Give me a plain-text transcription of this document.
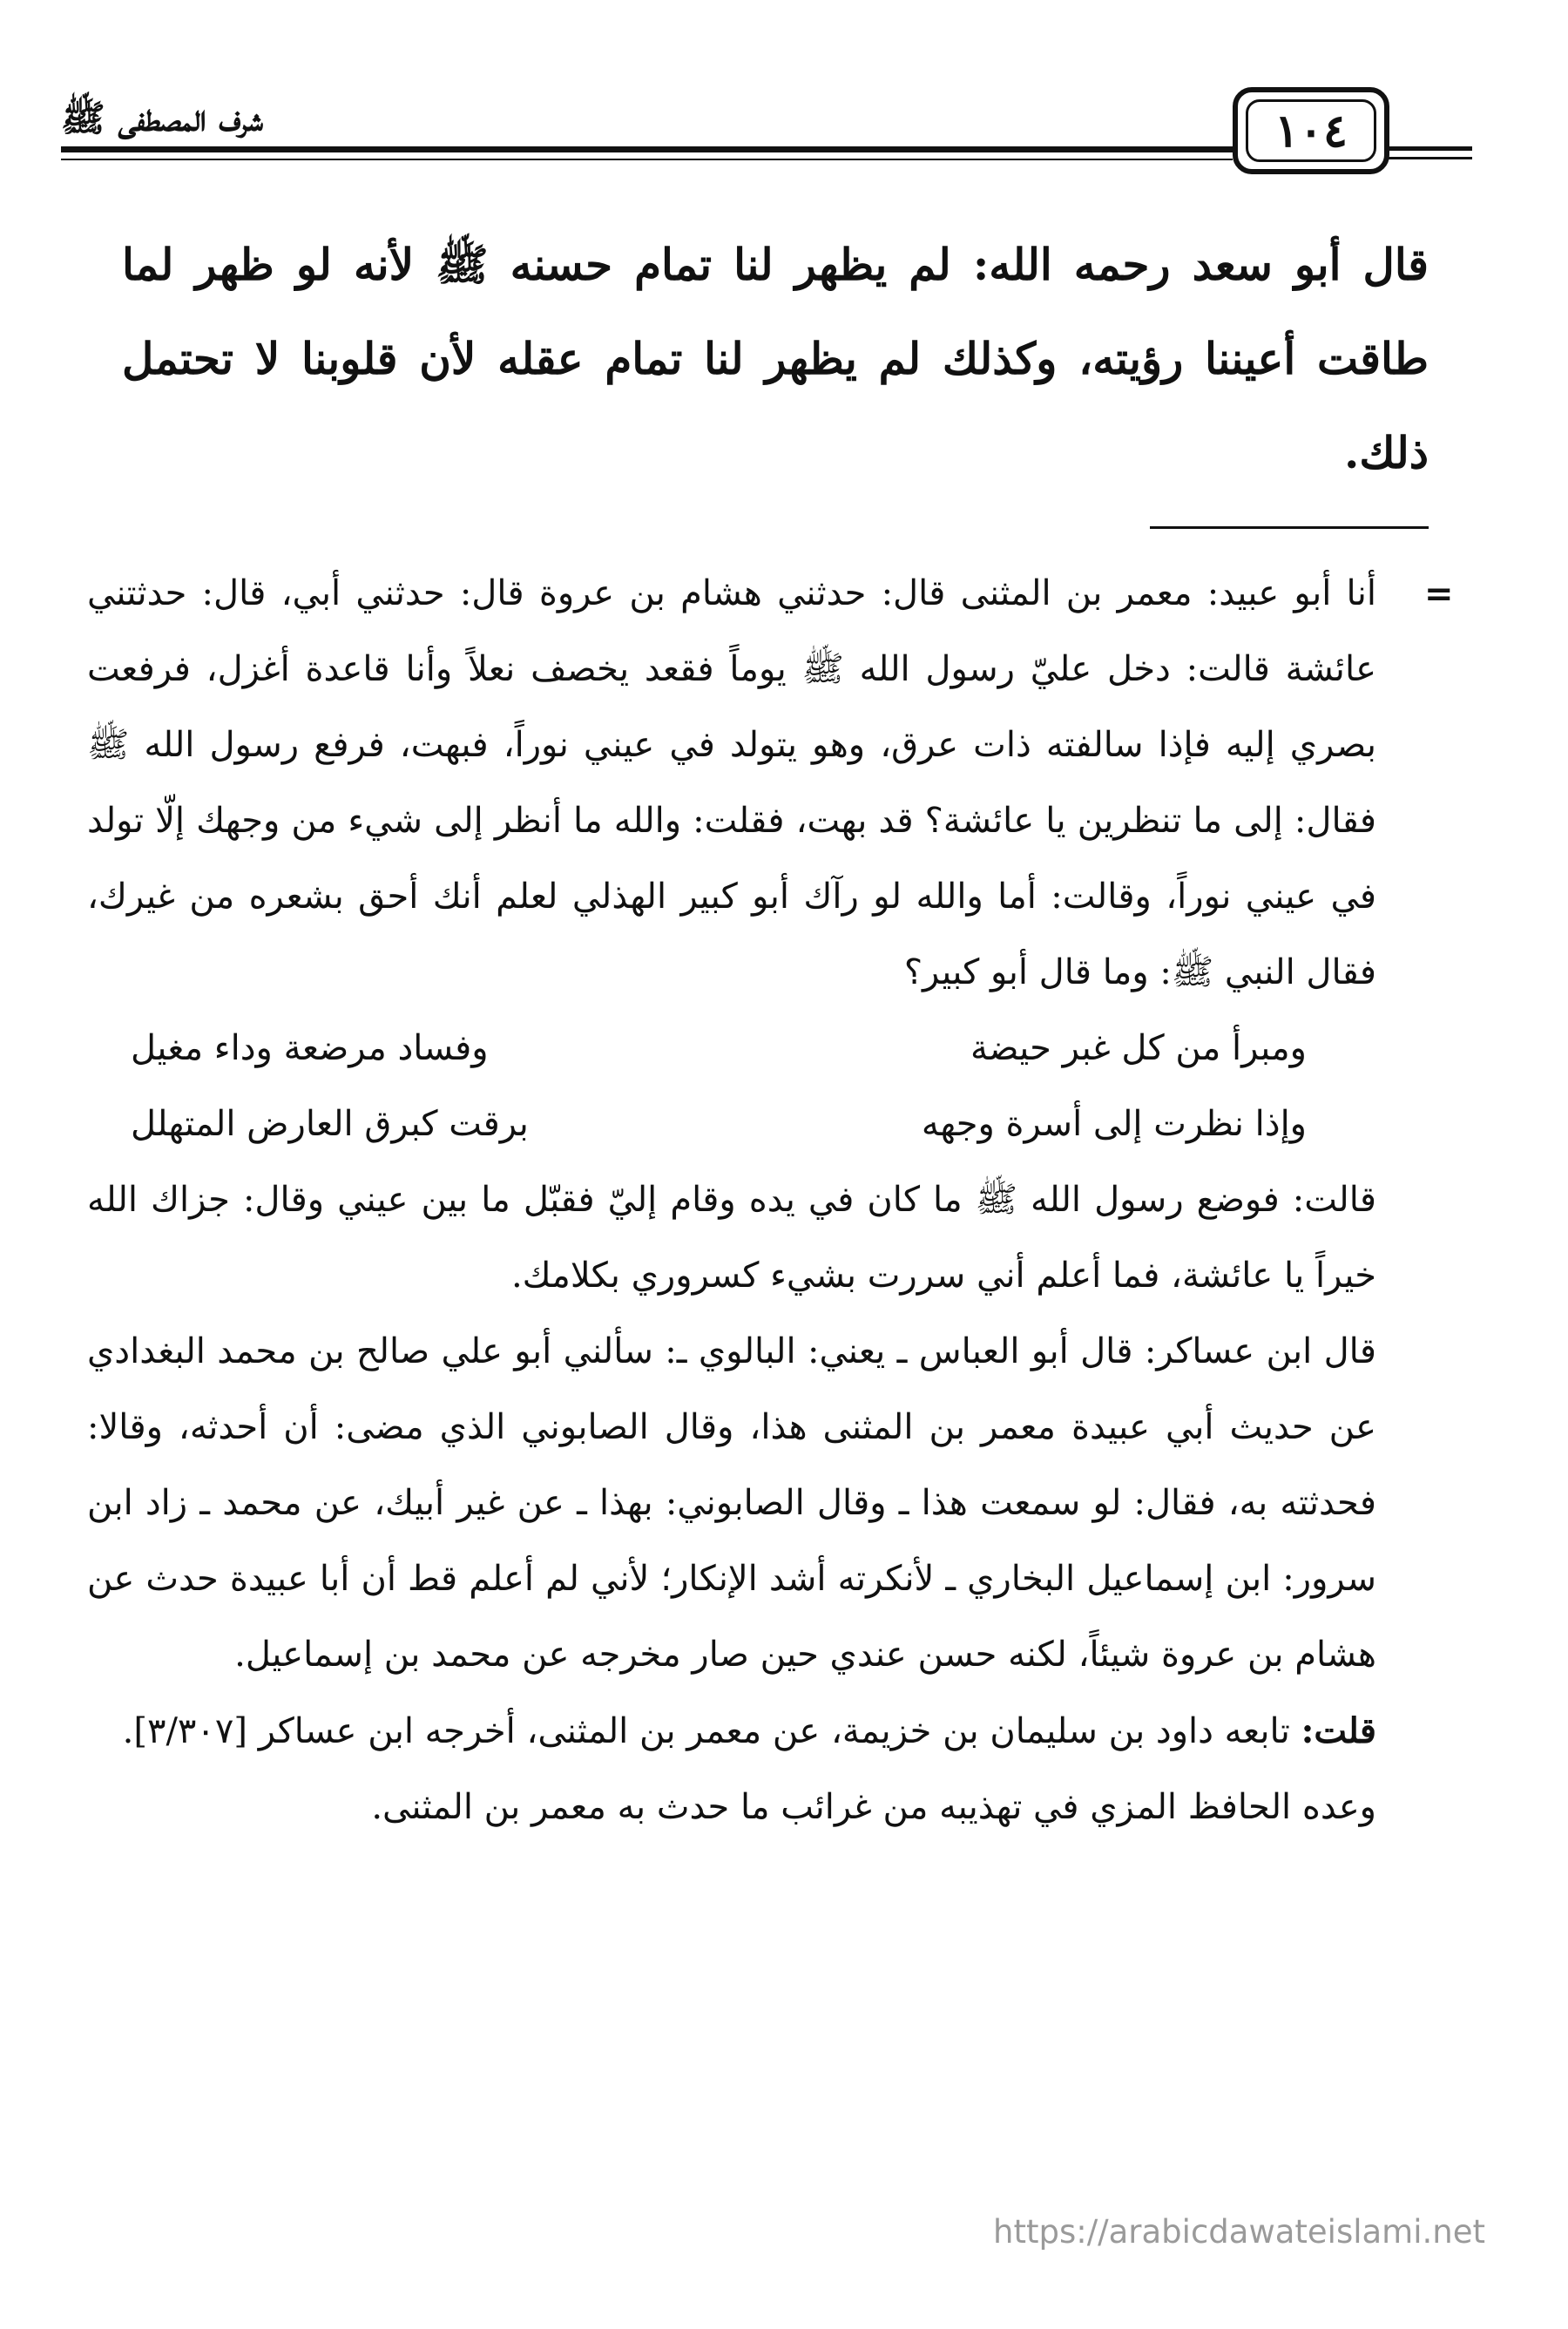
شرف المصطفى ﷺ	١٠٤

قال أبو سعد رحمه الله: لم يظهر لنا تمام حسنه ﷺ لأنه لو ظهر لما طاقت أعيننا رؤيته، وكذلك لم يظهر لنا تمام عقله لأن قلوبنا لا تحتمل ذلك.

=

أنا أبو عبيد: معمر بن المثنى قال: حدثني هشام بن عروة قال: حدثني أبي، قال: حدثتني عائشة قالت: دخل عليّ رسول الله ﷺ يوماً فقعد يخصف نعلاً وأنا قاعدة أغزل، فرفعت بصري إليه فإذا سالفته ذات عرق، وهو يتولد في عيني نوراً، فبهت، فرفع رسول الله ﷺ فقال: إلى ما تنظرين يا عائشة؟ قد بهت، فقلت: والله ما أنظر إلى شيء من وجهك إلّا تولد في عيني نوراً، وقالت: أما والله لو رآك أبو كبير الهذلي لعلم أنك أحق بشعره من غيرك، فقال النبي ﷺ: وما قال أبو كبير؟

ومبرأ من كل غبر حيضة
وفساد مرضعة وداء مغيل
وإذا نظرت إلى أسرة وجهه
برقت كبرق العارض المتهلل

قالت: فوضع رسول الله ﷺ ما كان في يده وقام إليّ فقبّل ما بين عيني وقال: جزاك الله خيراً يا عائشة، فما أعلم أني سررت بشيء كسروري بكلامك.

قال ابن عساكر: قال أبو العباس ـ يعني: البالوي ـ: سألني أبو علي صالح بن محمد البغدادي عن حديث أبي عبيدة معمر بن المثنى هذا، وقال الصابوني الذي مضى: أن أحدثه، وقالا: فحدثته به، فقال: لو سمعت هذا ـ وقال الصابوني: بهذا ـ عن غير أبيك، عن محمد ـ زاد ابن سرور: ابن إسماعيل البخاري ـ لأنكرته أشد الإنكار؛ لأني لم أعلم قط أن أبا عبيدة حدث عن هشام بن عروة شيئاً، لكنه حسن عندي حين صار مخرجه عن محمد بن إسماعيل.

قلت: تابعه داود بن سليمان بن خزيمة، عن معمر بن المثنى، أخرجه ابن عساكر [٣/٣٠٧].

وعده الحافظ المزي في تهذيبه من غرائب ما حدث به معمر بن المثنى.

https://arabicdawateislami.net
